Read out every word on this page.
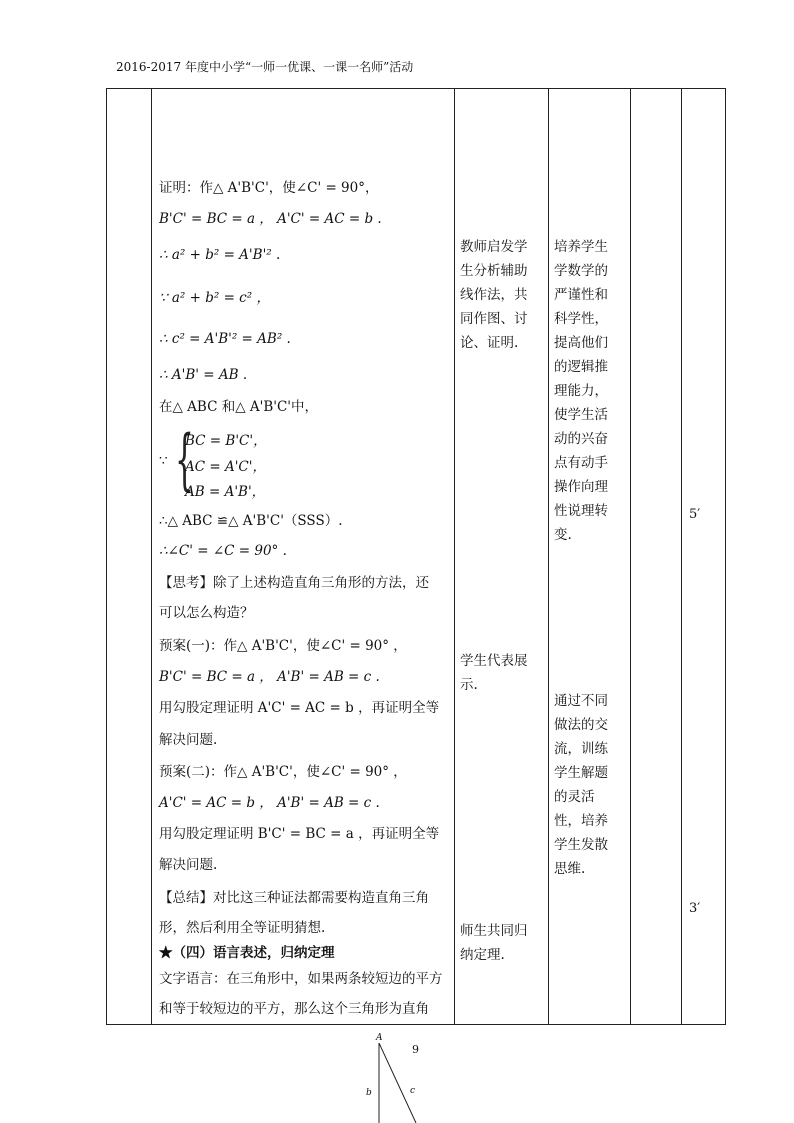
2016-2017 年度中小学“一师一优课、一课一名师”活动
证明：作△ A'B'C'，使∠C' = 90°，
B'C' = BC = a ， A'C' = AC = b .
∴ a² + b² = A'B'² .
∵ a² + b² = c² ，
∴ c² = A'B'² = AB² .
∴ A'B' = AB .
在△ ABC 和△ A'B'C'中，
∵ {
BC = B'C'，
AC = A'C'，
AB = A'B'，
∴△ ABC ≌△ A'B'C'（SSS）.
∴∠C' = ∠C = 90° .
【思考】除了上述构造直角三角形的方法，还
可以怎么构造？
预案(一)：作△ A'B'C'，使∠C' = 90° ，
B'C' = BC = a ， A'B' = AB = c .
用勾股定理证明 A'C' = AC = b ，再证明全等
解决问题.
预案(二)：作△ A'B'C'，使∠C' = 90° ，
A'C' = AC = b ， A'B' = AB = c .
用勾股定理证明 B'C' = BC = a ，再证明全等
解决问题.
【总结】对比这三种证法都需要构造直角三角
形，然后利用全等证明猜想.
★（四）语言表述，归纳定理
文字语言：在三角形中，如果两条较短边的平方
和等于较短边的平方，那么这个三角形为直角
教师启发学
生分析辅助
线作法，共
同作图、讨
论、证明.
学生代表展
示.
师生共同归
纳定理.
培养学生
学数学的
严谨性和
科学性，
提高他们
的逻辑推
理能力，
使学生活
动的兴奋
点有动手
操作向理
性说理转
变.
通过不同
做法的交
流，训练
学生解题
的灵活
性，培养
学生发散
思维.
5′
3′
9
A
b	c
